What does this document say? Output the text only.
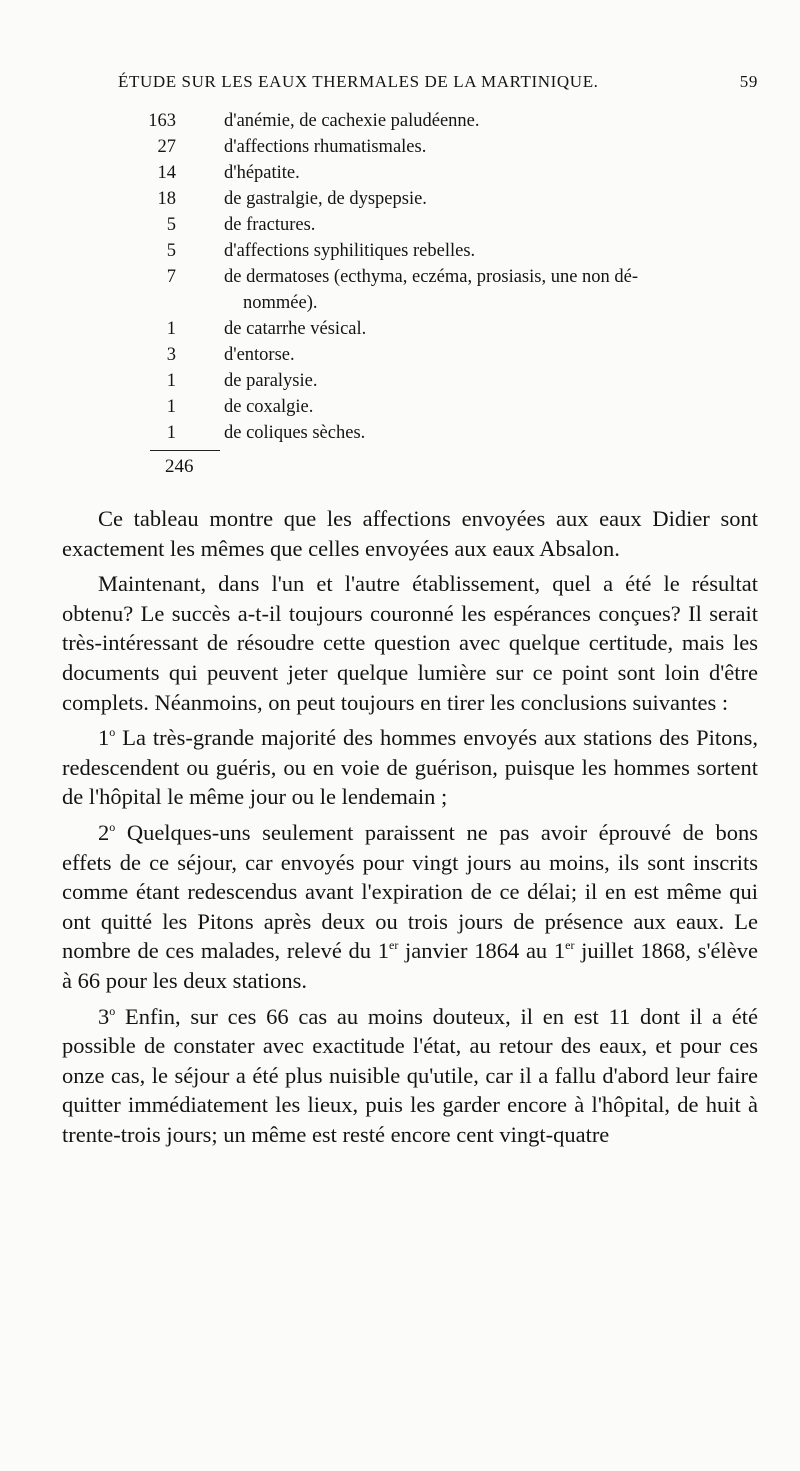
ÉTUDE SUR LES EAUX THERMALES DE LA MARTINIQUE.	59
163	d'anémie, de cachexie paludéenne.
27	d'affections rhumatismales.
14	d'hépatite.
18	de gastralgie, de dyspepsie.
5	de fractures.
5	d'affections syphilitiques rebelles.
7	de dermatoses (ecthyma, eczéma, prosiasis, une non dé-
nommée).
1	de catarrhe vésical.
3	d'entorse.
1	de paralysie.
1	de coxalgie.
1	de coliques sèches.
246

Ce tableau montre que les affections envoyées aux eaux Didier sont exactement les mêmes que celles envoyées aux eaux Absalon.

Maintenant, dans l'un et l'autre établissement, quel a été le résultat obtenu? Le succès a-t-il toujours couronné les espérances conçues? Il serait très-intéressant de résoudre cette question avec quelque certitude, mais les documents qui peuvent jeter quelque lumière sur ce point sont loin d'être complets. Néanmoins, on peut toujours en tirer les conclusions suivantes :

1$^o$ La très-grande majorité des hommes envoyés aux stations des Pitons, redescendent ou guéris, ou en voie de guérison, puisque les hommes sortent de l'hôpital le même jour ou le lendemain ;

2$^o$ Quelques-uns seulement paraissent ne pas avoir éprouvé de bons effets de ce séjour, car envoyés pour vingt jours au moins, ils sont inscrits comme étant redescendus avant l'expiration de ce délai; il en est même qui ont quitté les Pitons après deux ou trois jours de présence aux eaux. Le nombre de ces malades, relevé du 1er janvier 1864 au 1er juillet 1868, s'élève à 66 pour les deux stations.

3$^o$ Enfin, sur ces 66 cas au moins douteux, il en est 11 dont il a été possible de constater avec exactitude l'état, au retour des eaux, et pour ces onze cas, le séjour a été plus nuisible qu'utile, car il a fallu d'abord leur faire quitter immédiatement les lieux, puis les garder encore à l'hôpital, de huit à trente-trois jours; un même est resté encore cent vingt-quatre
